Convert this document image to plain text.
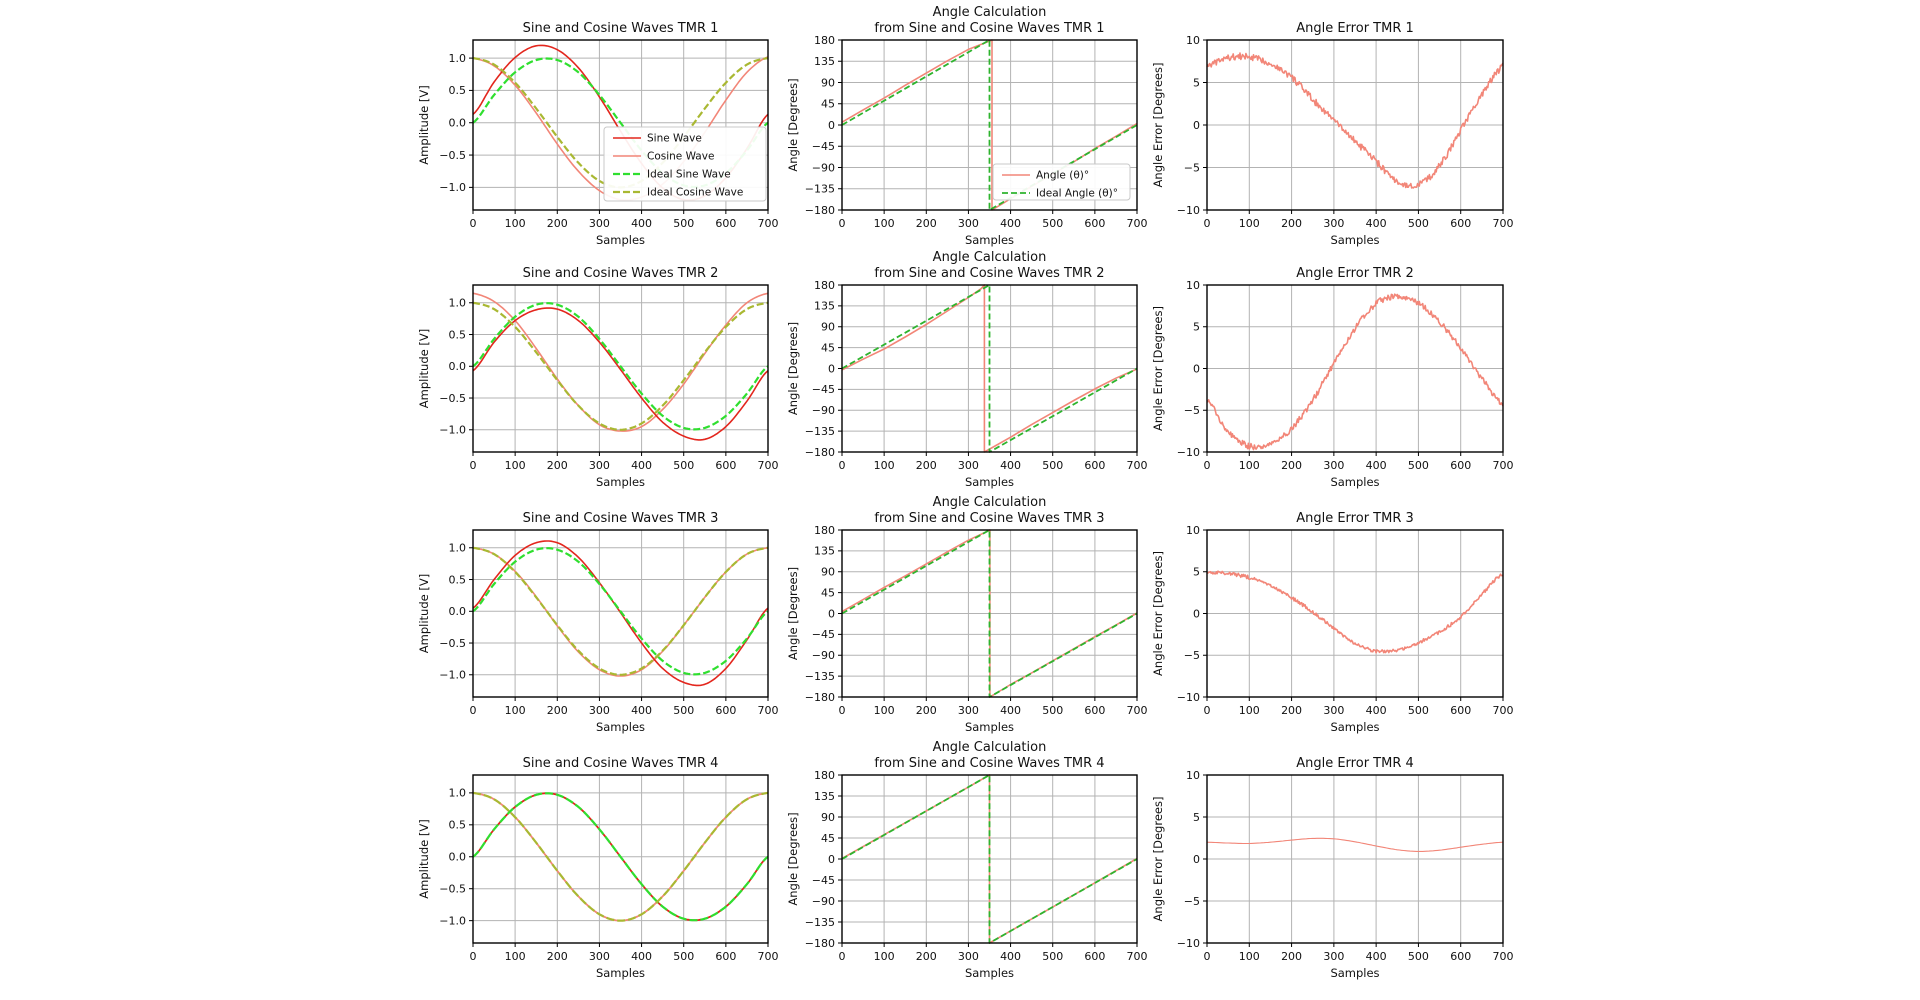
0	100 200 300 400 500 600 700
1.0
0.5
0.0
−0.5
−1.0
Sine and Cosine Waves TMR 1
Samples
Amplitude [V]	Sine Wave
Cosine Wave
Ideal Sine Wave
Ideal Cosine Wave
0	100 200 300 400 500 600 700
180
135
90
45
0
−45
−90
−135
−180
Angle Calculation
from Sine and Cosine Waves TMR 1
Samples
Angle [Degrees]
Angle (θ)°
Ideal Angle (θ)°
0	100 200 300 400 500 600 700
10
5
0
−5
−10
Angle Error TMR 1
Samples
Angle Error [Degrees]
0	100 200 300 400 500 600 700
1.0
0.5
0.0
−0.5
−1.0
Sine and Cosine Waves TMR 2
Samples
Amplitude [V]
0	100 200 300 400 500 600 700
180
135
90
45
0
−45
−90
−135
−180
Angle Calculation
from Sine and Cosine Waves TMR 2
Samples
Angle [Degrees]
0	100 200 300 400 500 600 700
10
5
0
−5
−10
Angle Error TMR 2
Samples
Angle Error [Degrees]
0	100 200 300 400 500 600 700
1.0
0.5
0.0
−0.5
−1.0
Sine and Cosine Waves TMR 3
Samples
Amplitude [V]
0	100 200 300 400 500 600 700
180
135
90
45
0
−45
−90
−135
−180
Angle Calculation
from Sine and Cosine Waves TMR 3
Samples
Angle [Degrees]
0	100 200 300 400 500 600 700
10
5
0
−5
−10
Angle Error TMR 3
Samples
Angle Error [Degrees]
0	100 200 300 400 500 600 700
1.0
0.5
0.0
−0.5
−1.0
Sine and Cosine Waves TMR 4
Samples
Amplitude [V]
0	100 200 300 400 500 600 700
180
135
90
45
0
−45
−90
−135
−180
Angle Calculation
from Sine and Cosine Waves TMR 4
Samples
Angle [Degrees]
0	100 200 300 400 500 600 700
10
5
0
−5
−10
Angle Error TMR 4
Samples
Angle Error [Degrees]
